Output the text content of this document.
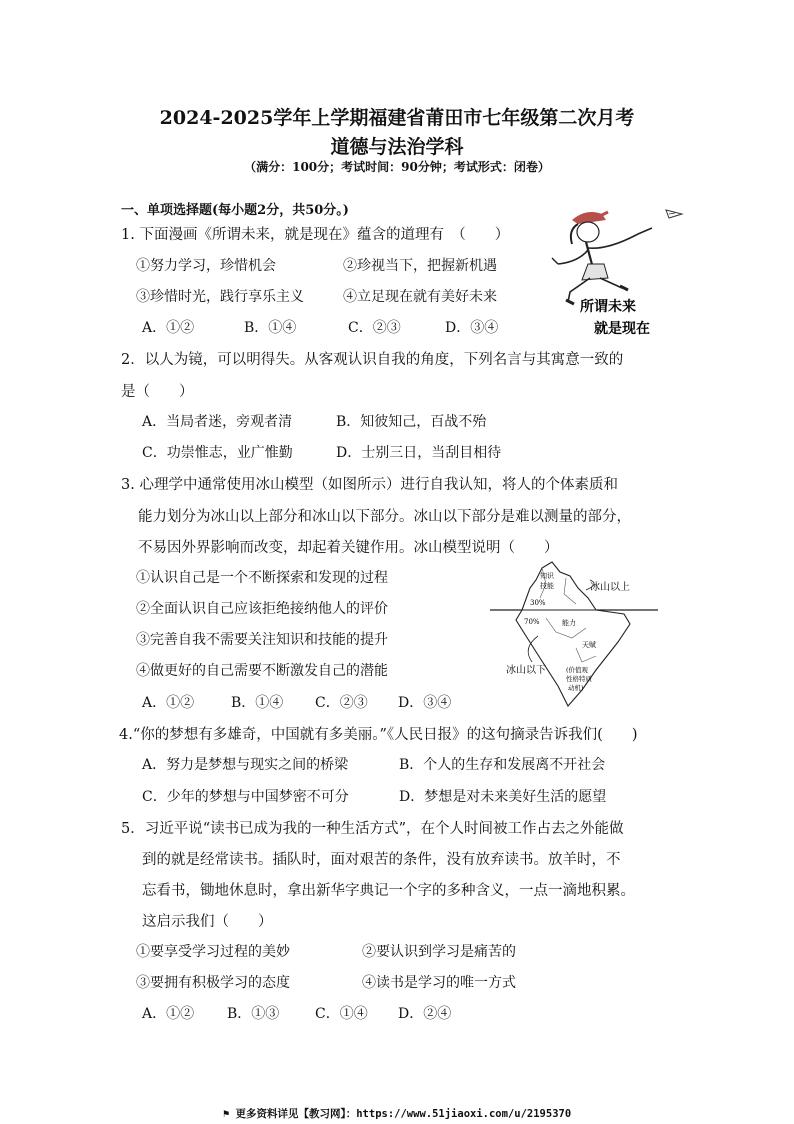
2024-2025学年上学期福建省莆田市七年级第二次月考
道德与法治学科
（满分：100分；考试时间：90分钟；考试形式：闭卷）
一、单项选择题(每小题2分，共50分。)
1. 下面漫画《所谓未来，就是现在》蕴含的道理有　（　　）
①努力学习，珍惜机会	②珍视当下，把握新机遇
③珍惜时光，践行享乐主义	④立足现在就有美好未来
A．①②	B．①④	C．②③	D．③④
所谓未来
就是现在
2．以人为镜，可以明得失。从客观认识自我的角度，下列名言与其寓意一致的
是（　　）
A．当局者迷，旁观者清	B．知彼知己，百战不殆
C．功崇惟志，业广惟勤	D．士别三日，当刮目相待
3. 心理学中通常使用冰山模型（如图所示）进行自我认知，将人的个体素质和
能力划分为冰山以上部分和冰山以下部分。冰山以下部分是难以测量的部分，
不易因外界影响而改变，却起着关键作用。冰山模型说明（　　）
①认识自己是一个不断探索和发现的过程
②全面认识自己应该拒绝接纳他人的评价
③完善自我不需要关注知识和技能的提升
④做更好的自己需要不断激发自己的潜能
A．①②	B．①④ C．②③ D．③④
知识
技能	冰山以上
30%
70%	能力
天赋
冰山以下	(价值观
性格特质
动机)
4.“你的梦想有多雄奇，中国就有多美丽。”《人民日报》的这句摘录告诉我们(　　)
A．努力是梦想与现实之间的桥梁	B．个人的生存和发展离不开社会
C．少年的梦想与中国梦密不可分	D．梦想是对未来美好生活的愿望
5．习近平说“读书已成为我的一种生活方式”，在个人时间被工作占去之外能做
到的就是经常读书。插队时，面对艰苦的条件，没有放弃读书。放羊时，不
忘看书，锄地休息时，拿出新华字典记一个字的多种含义，一点一滴地积累。
这启示我们（　　）
①要享受学习过程的美妙	②要认识到学习是痛苦的
③要拥有积极学习的态度	④读书是学习的唯一方式
A．①② B．①③	C．①④ D．②④
⚑ 更多资料详见【教习网】：https://www.51jiaoxi.com/u/2195370
